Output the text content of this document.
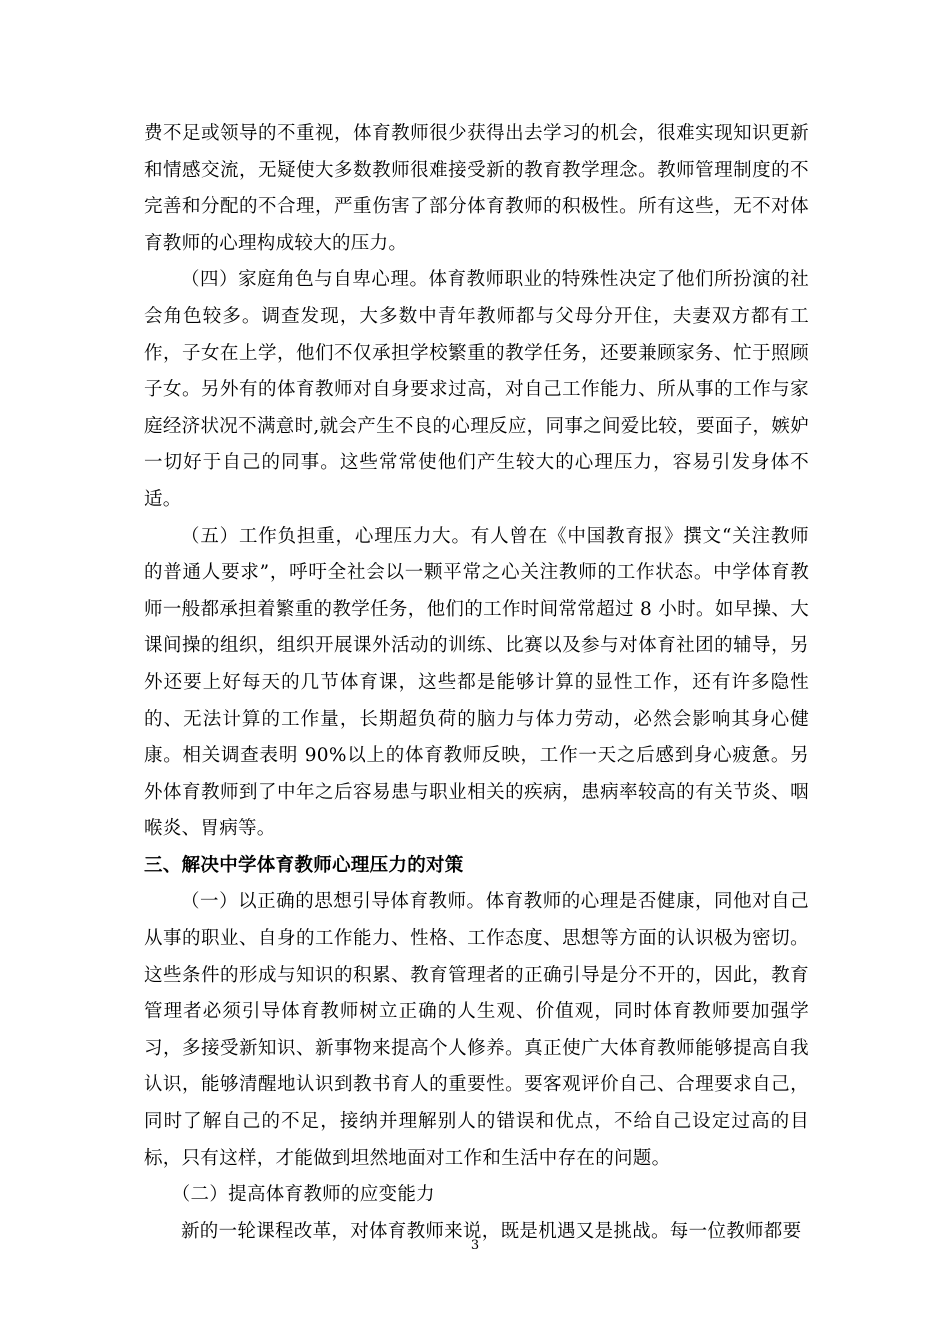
费不足或领导的不重视，体育教师很少获得出去学习的机会，很难实现知识更新和情感交流，无疑使大多数教师很难接受新的教育教学理念。教师管理制度的不完善和分配的不合理，严重伤害了部分体育教师的积极性。所有这些，无不对体育教师的心理构成较大的压力。

（四）家庭角色与自卑心理。体育教师职业的特殊性决定了他们所扮演的社会角色较多。调查发现，大多数中青年教师都与父母分开住，夫妻双方都有工作，子女在上学，他们不仅承担学校繁重的教学任务，还要兼顾家务、忙于照顾子女。另外有的体育教师对自身要求过高，对自己工作能力、所从事的工作与家庭经济状况不满意时,就会产生不良的心理反应，同事之间爱比较，要面子，嫉妒一切好于自己的同事。这些常常使他们产生较大的心理压力，容易引发身体不适。

（五）工作负担重，心理压力大。有人曾在《中国教育报》撰文“关注教师的普通人要求”，呼吁全社会以一颗平常之心关注教师的工作状态。中学体育教师一般都承担着繁重的教学任务，他们的工作时间常常超过 8 小时。如早操、大课间操的组织，组织开展课外活动的训练、比赛以及参与对体育社团的辅导，另外还要上好每天的几节体育课，这些都是能够计算的显性工作，还有许多隐性的、无法计算的工作量，长期超负荷的脑力与体力劳动，必然会影响其身心健康。相关调查表明 90%以上的体育教师反映，工作一天之后感到身心疲惫。另外体育教师到了中年之后容易患与职业相关的疾病，患病率较高的有关节炎、咽喉炎、胃病等。

三、解决中学体育教师心理压力的对策

（一）以正确的思想引导体育教师。体育教师的心理是否健康，同他对自己从事的职业、自身的工作能力、性格、工作态度、思想等方面的认识极为密切。这些条件的形成与知识的积累、教育管理者的正确引导是分不开的，因此，教育管理者必须引导体育教师树立正确的人生观、价值观，同时体育教师要加强学习，多接受新知识、新事物来提高个人修养。真正使广大体育教师能够提高自我认识，能够清醒地认识到教书育人的重要性。要客观评价自己、合理要求自己，同时了解自己的不足，接纳并理解别人的错误和优点，不给自己设定过高的目标，只有这样，才能做到坦然地面对工作和生活中存在的问题。

（二）提高体育教师的应变能力

新的一轮课程改革，对体育教师来说，既是机遇又是挑战。每一位教师都要

3
